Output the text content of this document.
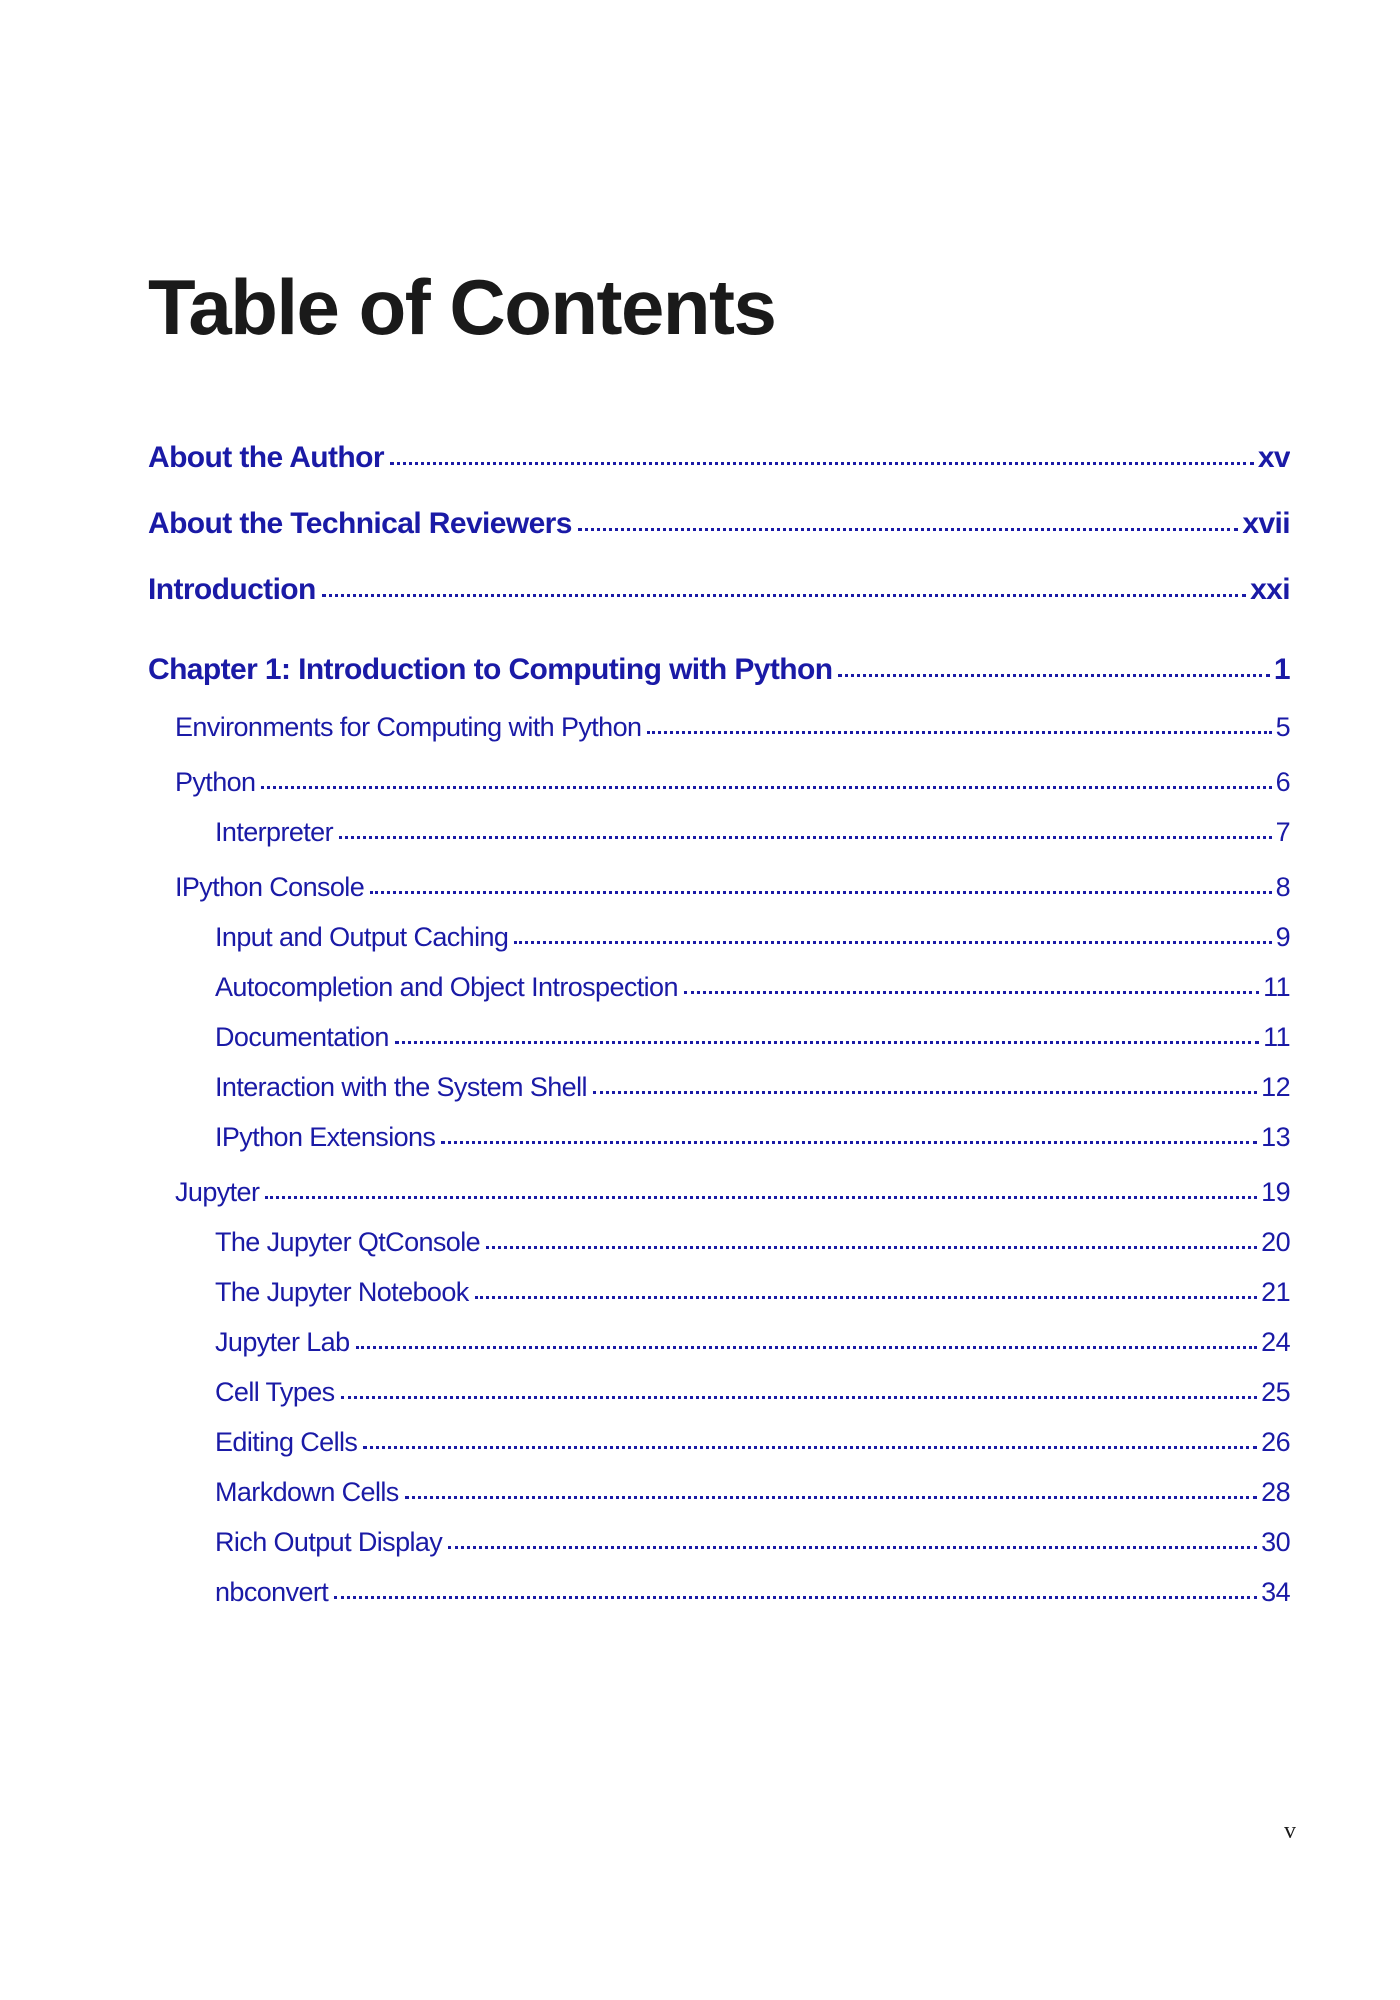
Table of Contents
About the Author	xv
About the Technical Reviewers	xvii
Introduction	xxi
Chapter 1: Introduction to Computing with Python	1
Environments for Computing with Python	5
Python	6
Interpreter	7
IPython Console	8
Input and Output Caching	9
Autocompletion and Object Introspection	11
Documentation	11
Interaction with the System Shell	12
IPython Extensions	13
Jupyter	19
The Jupyter QtConsole	20
The Jupyter Notebook	21
Jupyter Lab	24
Cell Types	25
Editing Cells	26
Markdown Cells	28
Rich Output Display	30
nbconvert	34
v
